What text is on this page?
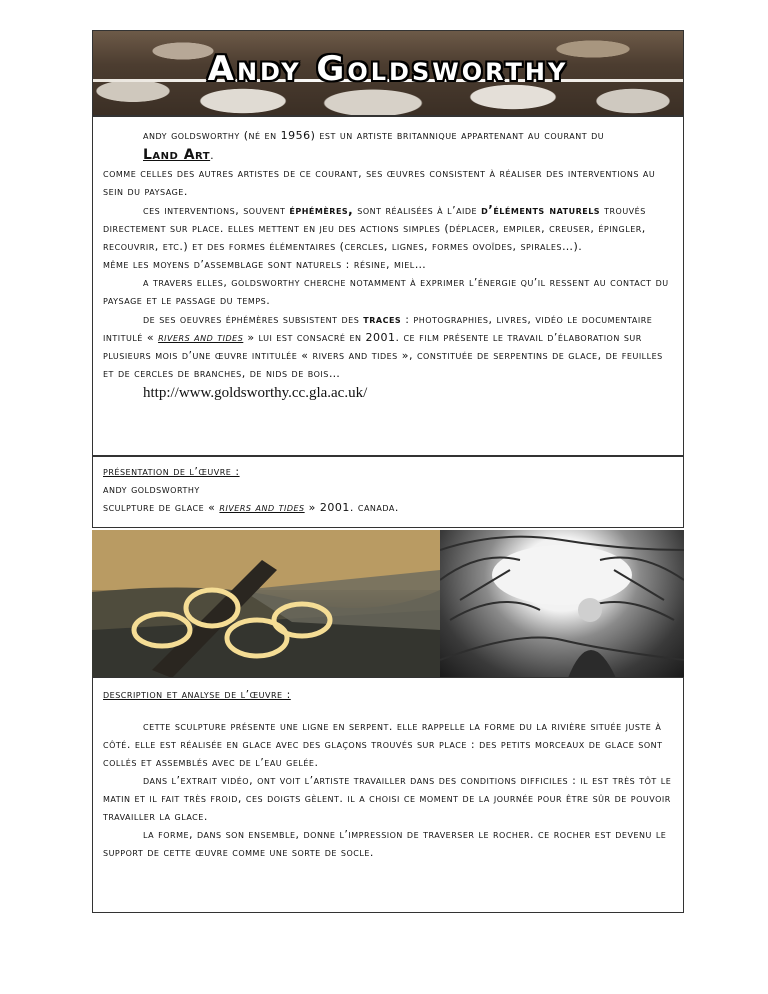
Andy Goldsworthy

andy goldsworthy (né en 1956) est un artiste britannique appartenant au courant du Land Art.

comme celles des autres artistes de ce courant, ses œuvres consistent à réaliser des interventions au sein du paysage.

ces interventions, souvent éphémères, sont réalisées à l’aide d’éléments naturels trouvés directement sur place. elles mettent en jeu des actions simples (déplacer, empiler, creuser, épingler, recouvrir, etc.) et des formes élémentaires (cercles, lignes, formes ovoïdes, spirales…).

même les moyens d’assemblage sont naturels : résine, miel…

a travers elles, goldsworthy cherche notamment à exprimer l’énergie qu’il ressent au contact du paysage et le passage du temps.

de ses oeuvres éphémères subsistent des traces : photographies, livres, vidéo le documentaire intitulé « rivers and tides » lui est consacré en 2001. ce film présente le travail d’élaboration sur plusieurs mois d’une œuvre intitulée « rivers and tides », constituée de serpentins de glace, de feuilles et de cercles de branches, de nids de bois…

http://www.goldsworthy.cc.gla.ac.uk/

présentation de l’œuvre :
andy goldsworthy
sculpture de glace « rivers and tides » 2001. canada.
description et analyse de l’œuvre :

cette sculpture présente une ligne en serpent. elle rappelle la forme du la rivière située juste à côté. elle est réalisée en glace avec des glaçons trouvés sur place : des petits morceaux de glace sont collés et assemblés avec de l’eau gelée.

dans l’extrait vidéo, ont voit l’artiste travailler dans des conditions difficiles : il est très tôt le matin et il fait très froid, ces doigts gèlent. il a choisi ce moment de la journée pour être sûr de pouvoir travailler la glace.

la forme, dans son ensemble, donne l’impression de traverser le rocher. ce rocher est devenu le support de cette œuvre comme une sorte de socle.
